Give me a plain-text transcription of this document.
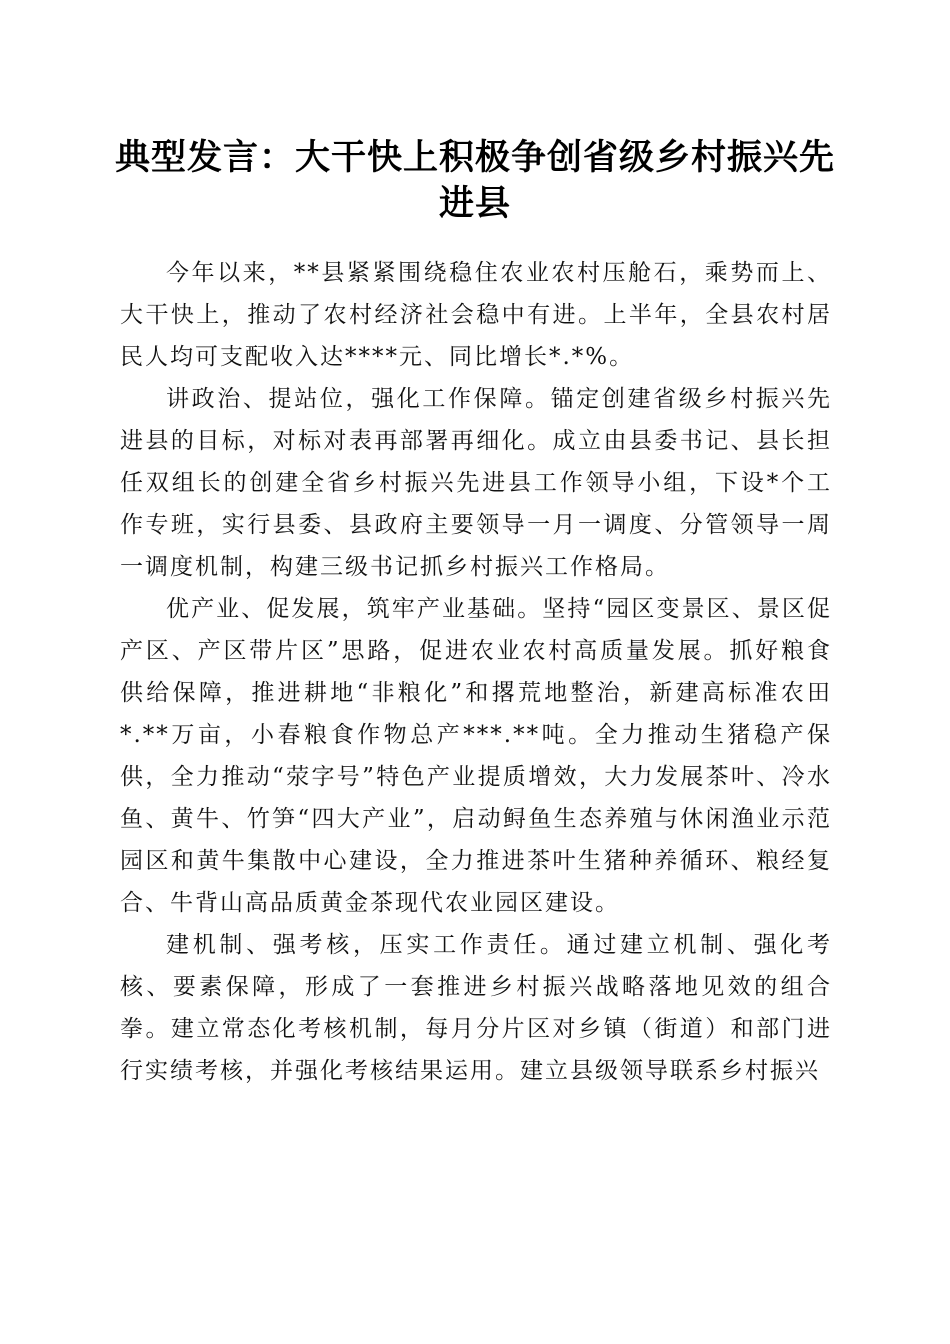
典型发言：大干快上积极争创省级乡村振兴先进县

今年以来，**县紧紧围绕稳住农业农村压舱石，乘势而上、大干快上，推动了农村经济社会稳中有进。上半年，全县农村居民人均可支配收入达****元、同比增长*.*%。

讲政治、提站位，强化工作保障。锚定创建省级乡村振兴先进县的目标，对标对表再部署再细化。成立由县委书记、县长担任双组长的创建全省乡村振兴先进县工作领导小组，下设*个工作专班，实行县委、县政府主要领导一月一调度、分管领导一周一调度机制，构建三级书记抓乡村振兴工作格局。

优产业、促发展，筑牢产业基础。坚持“园区变景区、景区促产区、产区带片区”思路，促进农业农村高质量发展。抓好粮食供给保障，推进耕地“非粮化”和撂荒地整治，新建高标准农田*.**万亩，小春粮食作物总产***.**吨。全力推动生猪稳产保供，全力推动“荥字号”特色产业提质增效，大力发展茶叶、冷水鱼、黄牛、竹笋“四大产业”，启动鲟鱼生态养殖与休闲渔业示范园区和黄牛集散中心建设，全力推进茶叶生猪种养循环、粮经复合、牛背山高品质黄金茶现代农业园区建设。

建机制、强考核，压实工作责任。通过建立机制、强化考核、要素保障，形成了一套推进乡村振兴战略落地见效的组合拳。建立常态化考核机制，每月分片区对乡镇（街道）和部门进行实绩考核，并强化考核结果运用。建立县级领导联系乡村振兴
